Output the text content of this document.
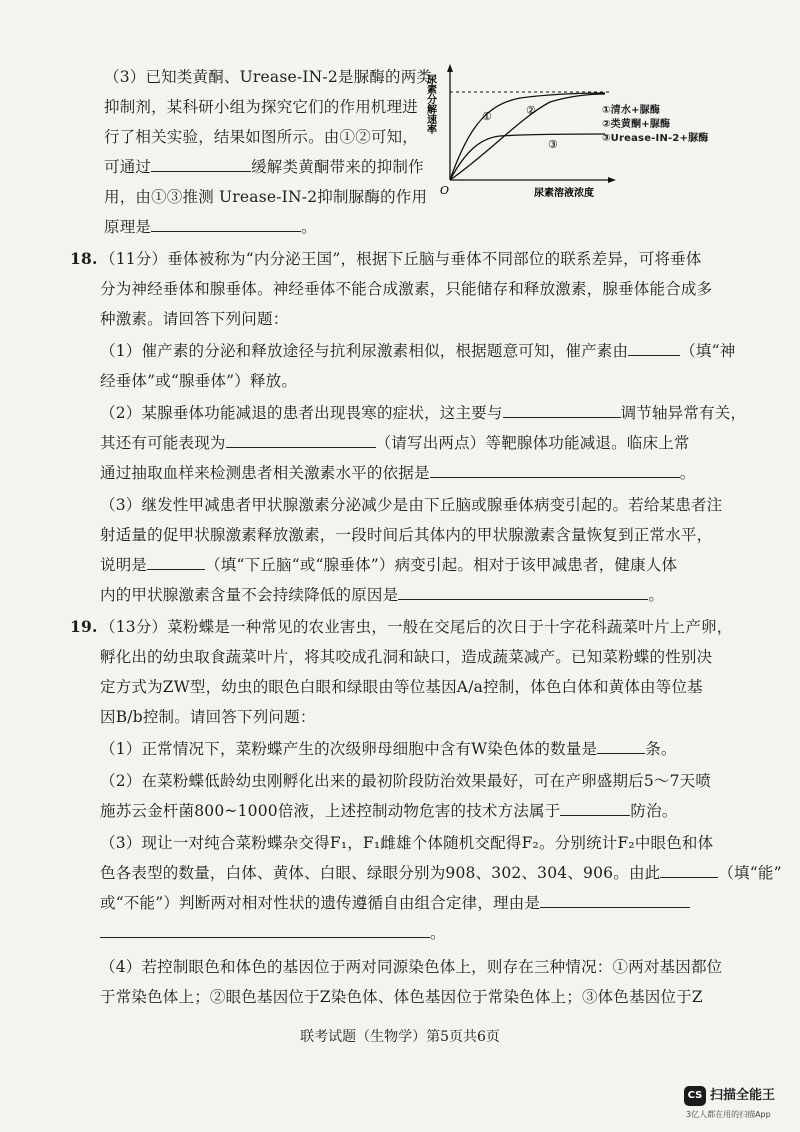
（3）已知类黄酮、Urease-IN-2是脲酶的两类
抑制剂，某科研小组为探究它们的作用机理进
行了相关实验，结果如图所示。由①②可知，
可通过	缓解类黄酮带来的抑制作
用，由①③推测 Urease-IN-2抑制脲酶的作用
原理是	。
尿素分解速率
O	尿素溶液浓度
①	②
③
①清水+脲酶
②类黄酮+脲酶
③Urease-IN-2+脲酶
18. （11分）垂体被称为“内分泌王国”，根据下丘脑与垂体不同部位的联系差异，可将垂体
分为神经垂体和腺垂体。神经垂体不能合成激素，只能储存和释放激素，腺垂体能合成多
种激素。请回答下列问题：
（1）催产素的分泌和释放途径与抗利尿激素相似，根据题意可知，催产素由	（填“神
经垂体”或“腺垂体”）释放。
（2）某腺垂体功能减退的患者出现畏寒的症状，这主要与	调节轴异常有关，
其还有可能表现为	（请写出两点）等靶腺体功能减退。临床上常
通过抽取血样来检测患者相关激素水平的依据是	。
（3）继发性甲减患者甲状腺激素分泌减少是由下丘脑或腺垂体病变引起的。若给某患者注
射适量的促甲状腺激素释放激素，一段时间后其体内的甲状腺激素含量恢复到正常水平，
说明是	（填“下丘脑“或“腺垂体”）病变引起。相对于该甲减患者，健康人体
内的甲状腺激素含量不会持续降低的原因是	。
19. （13分）菜粉蝶是一种常见的农业害虫，一般在交尾后的次日于十字花科蔬菜叶片上产卵，
孵化出的幼虫取食蔬菜叶片，将其咬成孔洞和缺口，造成蔬菜减产。已知菜粉蝶的性别决
定方式为ZW型，幼虫的眼色白眼和绿眼由等位基因A/a控制，体色白体和黄体由等位基
因B/b控制。请回答下列问题：
（1）正常情况下，菜粉蝶产生的次级卵母细胞中含有W染色体的数量是	条。
（2）在菜粉蝶低龄幼虫刚孵化出来的最初阶段防治效果最好，可在产卵盛期后5～7天喷
施苏云金杆菌800~1000倍液，上述控制动物危害的技术方法属于	防治。
（3）现让一对纯合菜粉蝶杂交得F₁，F₁雌雄个体随机交配得F₂。分别统计F₂中眼色和体
色各表型的数量，白体、黄体、白眼、绿眼分别为908、302、304、906。由此	（填“能”
或“不能”）判断两对相对性状的遗传遵循自由组合定律，理由是
。
（4）若控制眼色和体色的基因位于两对同源染色体上，则存在三种情况：①两对基因都位
于常染色体上；②眼色基因位于Z染色体、体色基因位于常染色体上；③体色基因位于Z
联考试题（生物学）第5页共6页
CS 扫描全能王
3亿人都在用的扫描App
